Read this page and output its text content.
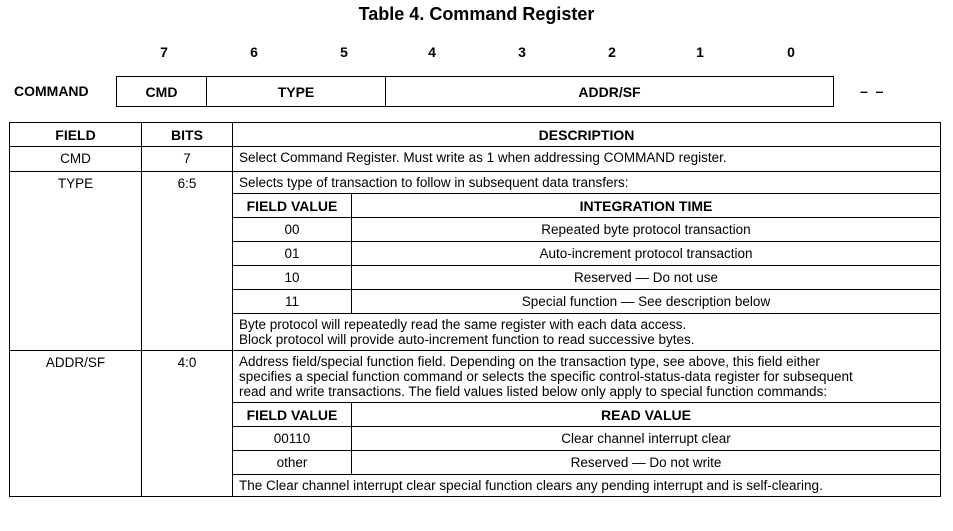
Table 4. Command Register
7	6	5	4	3	2	1	0
COMMAND	CMD	TYPE	ADDR/SF	– –
FIELD	BITS	DESCRIPTION
CMD	7	Select Command Register. Must write as 1 when addressing COMMAND register.

TYPE	6:5	Selects type of transaction to follow in subsequent data transfers:
FIELD VALUE	INTEGRATION TIME
00	Repeated byte protocol transaction
01	Auto-increment protocol transaction
10	Reserved — Do not use
11	Special function — See description below
Byte protocol will repeatedly read the same register with each data access.
Block protocol will provide auto-increment function to read successive bytes.

ADDR/SF	4:0	Address field/special function field. Depending on the transaction type, see above, this field either
specifies a special function command or selects the specific control-status-data register for subsequent
read and write transactions. The field values listed below only apply to special function commands:
FIELD VALUE	READ VALUE
00110	Clear channel interrupt clear
other	Reserved — Do not write
The Clear channel interrupt clear special function clears any pending interrupt and is self-clearing.
